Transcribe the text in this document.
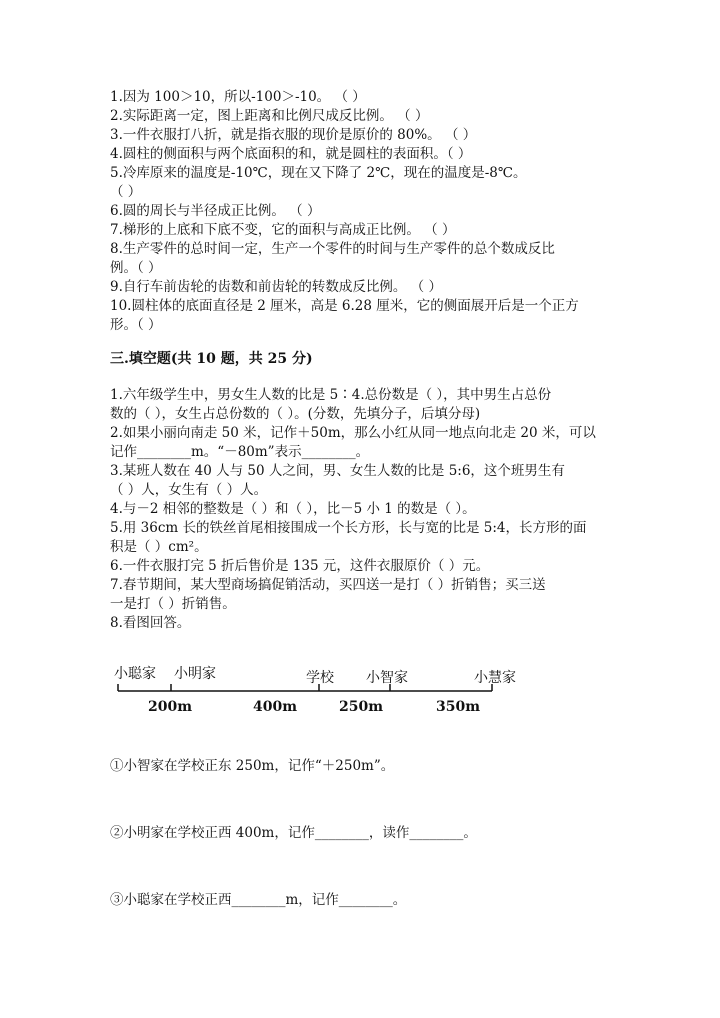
1.因为 100＞10，所以-100＞-10。 （ ）
2.实际距离一定，图上距离和比例尺成反比例。 （ ）
3.一件衣服打八折，就是指衣服的现价是原价的 80%。 （ ）
4.圆柱的侧面积与两个底面积的和，就是圆柱的表面积。（ ）
5.冷库原来的温度是-10℃，现在又下降了 2℃，现在的温度是-8℃。
（ ）
6.圆的周长与半径成正比例。 （ ）
7.梯形的上底和下底不变，它的面积与高成正比例。 （ ）
8.生产零件的总时间一定，生产一个零件的时间与生产零件的总个数成反比
例。（ ）
9.自行车前齿轮的齿数和前齿轮的转数成反比例。 （ ）
10.圆柱体的底面直径是 2 厘米，高是 6.28 厘米，它的侧面展开后是一个正方
形。（ ）
三.填空题(共 10 题，共 25 分)
1.六年级学生中，男女生人数的比是 5∶4.总份数是（ ），其中男生占总份
数的（ ），女生占总份数的（ ）。(分数，先填分子，后填分母)
2.如果小丽向南走 50 米，记作＋50m，那么小红从同一地点向北走 20 米，可以
记作________m。“－80m”表示________。
3.某班人数在 40 人与 50 人之间，男、女生人数的比是 5:6，这个班男生有
（ ）人，女生有（ ）人。
4.与－2 相邻的整数是（ ）和（ ），比－5 小 1 的数是（ ）。
5.用 36cm 长的铁丝首尾相接围成一个长方形，长与宽的比是 5:4，长方形的面
积是（ ）cm²。
6.一件衣服打完 5 折后售价是 135 元，这件衣服原价（ ）元。
7.春节期间，某大型商场搞促销活动，买四送一是打（ ）折销售；买三送
一是打（ ）折销售。
8.看图回答。
小聪家 小明家	学校 小智家	小慧家
200m	400m	250m	350m
①小智家在学校正东 250m，记作“＋250m”。
②小明家在学校正西 400m，记作________，读作________。
③小聪家在学校正西________m，记作________。
